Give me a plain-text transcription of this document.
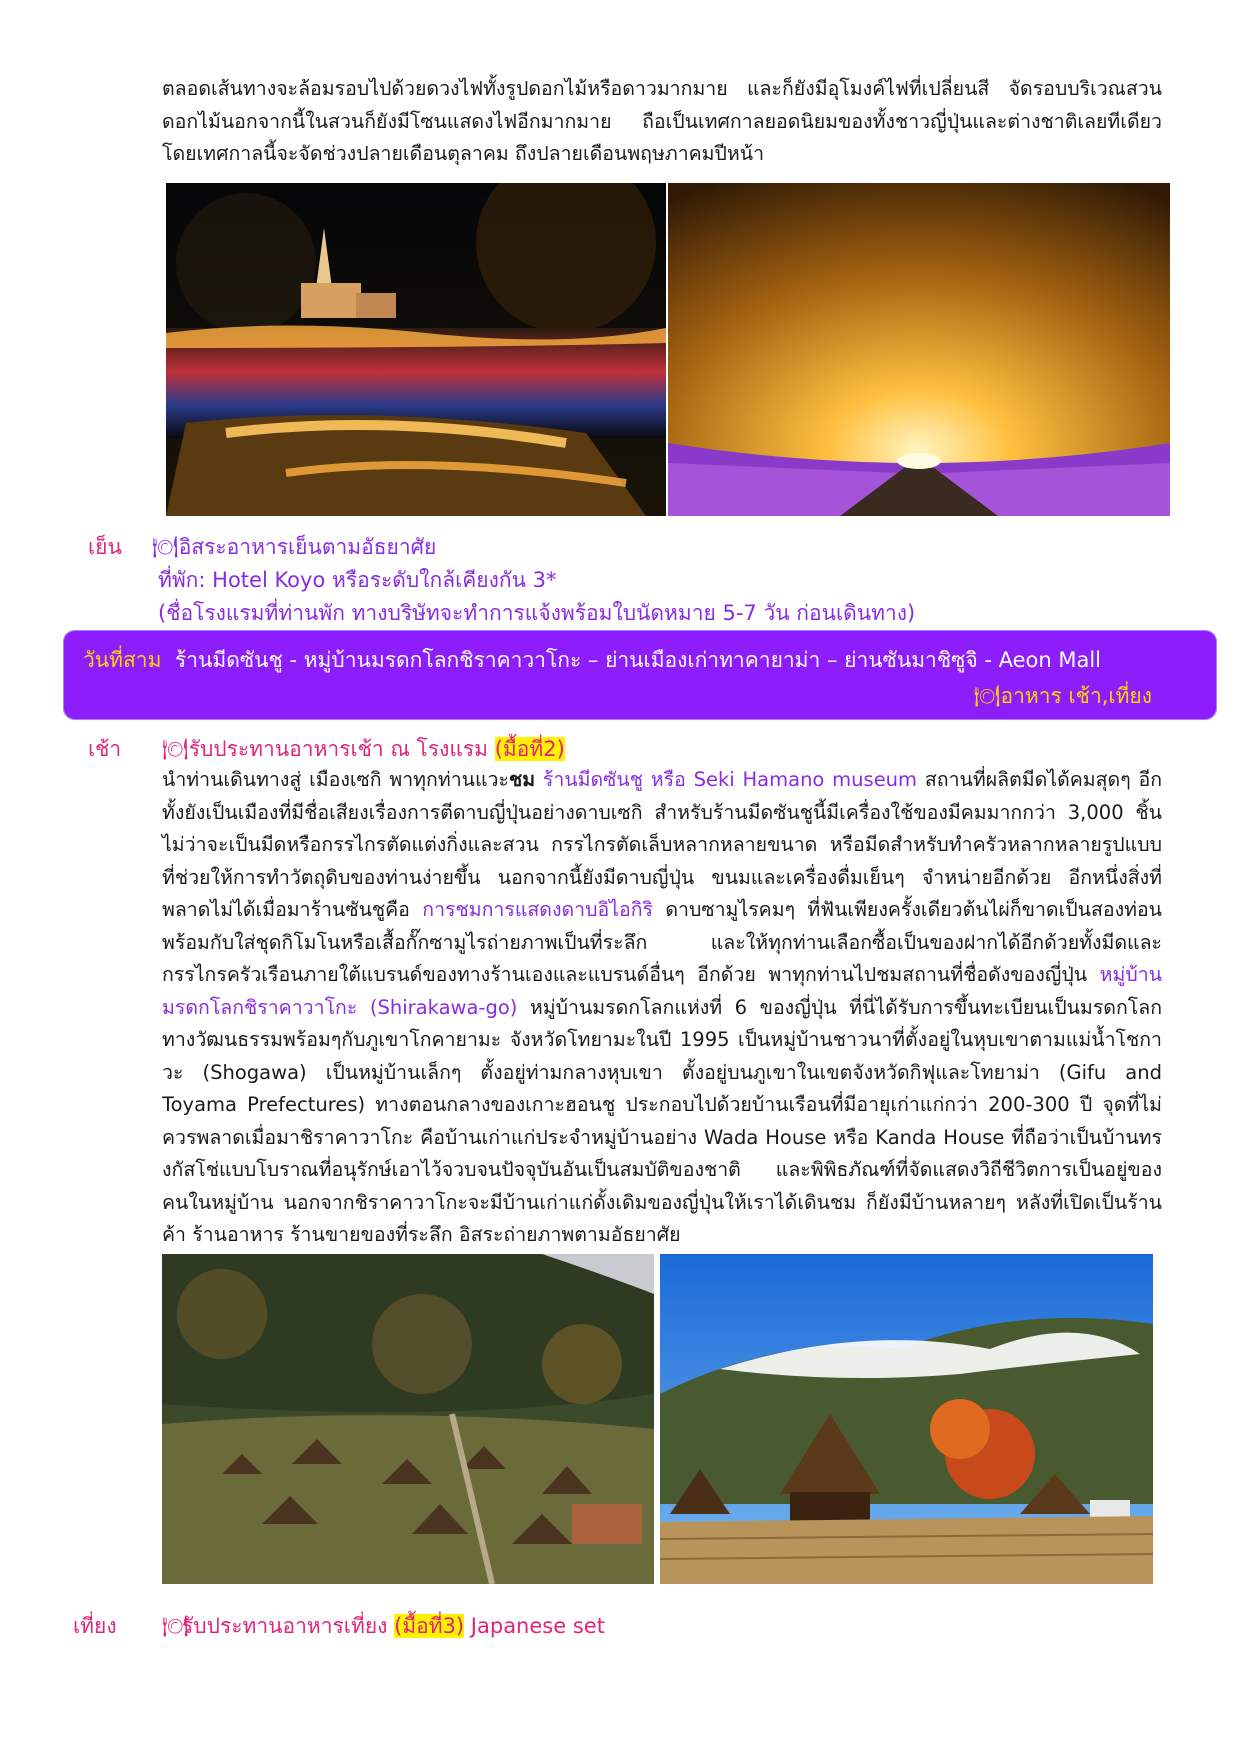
ตลอดเส้นทางจะล้อมรอบไปด้วยดวงไฟทั้งรูปดอกไม้หรือดาวมากมาย และก็ยังมีอุโมงค์ไฟที่เปลี่ยนสี จัดรอบบริเวณสวนดอกไม้นอกจากนี้ในสวนก็ยังมีโซนแสดงไฟอีกมากมาย ถือเป็นเทศกาลยอดนิยมของทั้งชาวญี่ปุ่นและต่างชาติเลยทีเดียว โดยเทศกาลนี้จะจัดช่วงปลายเดือนตุลาคม ถึงปลายเดือนพฤษภาคมปีหน้า

เย็น 🍽 อิสระอาหารเย็นตามอัธยาศัย
ที่พัก: Hotel Koyo หรือระดับใกล้เคียงกัน 3*
(ชื่อโรงแรมที่ท่านพัก ทางบริษัทจะทำการแจ้งพร้อมใบนัดหมาย 5-7 วัน ก่อนเดินทาง)
วันที่สาม ร้านมีดซันชู - หมู่บ้านมรดกโลกชิราคาวาโกะ – ย่านเมืองเก่าทาคายาม่า – ย่านซันมาชิซูจิ - Aeon Mall
🍽 อาหาร เช้า,เที่ยง
เช้า 🍽 รับประทานอาหารเช้า ณ โรงแรม (มื้อที่2)

นำท่านเดินทางสู่ เมืองเซกิ พาทุกท่านแวะชม ร้านมีดซันชู หรือ Seki Hamano museum สถานที่ผลิตมีดได้คมสุดๆ อีกทั้งยังเป็นเมืองที่มีชื่อเสียงเรื่องการตีดาบญี่ปุ่นอย่างดาบเซกิ สำหรับร้านมีดซันชูนี้มีเครื่องใช้ของมีคมมากกว่า 3,000 ชิ้น ไม่ว่าจะเป็นมีดหรือกรรไกรตัดแต่งกิ่งและสวน กรรไกรตัดเล็บหลากหลายขนาด หรือมีดสำหรับทำครัวหลากหลายรูปแบบที่ช่วยให้การทำวัตถุดิบของท่านง่ายขึ้น นอกจากนี้ยังมีดาบญี่ปุ่น ขนมและเครื่องดื่มเย็นๆ จำหน่ายอีกด้วย อีกหนึ่งสิ่งที่พลาดไม่ได้เมื่อมาร้านซันชูคือ การชมการแสดงดาบอิไอกิริ ดาบซามูไรคมๆ ที่ฟันเพียงครั้งเดียวต้นไผ่ก็ขาดเป็นสองท่อน พร้อมกับใส่ชุดกิโมโนหรือเสื้อกั๊กซามูไรถ่ายภาพเป็นที่ระลึก และให้ทุกท่านเลือกซื้อเป็นของฝากได้อีกด้วยทั้งมีดและกรรไกรครัวเรือนภายใต้แบรนด์ของทางร้านเองและแบรนด์อื่นๆ อีกด้วย พาทุกท่านไปชมสถานที่ชื่อดังของญี่ปุ่น หมู่บ้านมรดกโลกชิราคาวาโกะ (Shirakawa-go) หมู่บ้านมรดกโลกแห่งที่ 6 ของญี่ปุ่น ที่นี่ได้รับการขึ้นทะเบียนเป็นมรดกโลกทางวัฒนธรรมพร้อมๆกับภูเขาโกคายามะ จังหวัดโทยามะในปี 1995 เป็นหมู่บ้านชาวนาที่ตั้งอยู่ในหุบเขาตามแม่น้ำโชกาวะ (Shogawa) เป็นหมู่บ้านเล็กๆ ตั้งอยู่ท่ามกลางหุบเขา ตั้งอยู่บนภูเขาในเขตจังหวัดกิฟุและโทยาม่า (Gifu and Toyama Prefectures) ทางตอนกลางของเกาะฮอนชู ประกอบไปด้วยบ้านเรือนที่มีอายุเก่าแก่กว่า 200-300 ปี จุดที่ไม่ควรพลาดเมื่อมาชิราคาวาโกะ คือบ้านเก่าแก่ประจำหมู่บ้านอย่าง Wada House หรือ Kanda House ที่ถือว่าเป็นบ้านทรงกัสโช่แบบโบราณที่อนุรักษ์เอาไว้จวบจนปัจจุบันอันเป็นสมบัติของชาติ และพิพิธภัณฑ์ที่จัดแสดงวิถีชีวิตการเป็นอยู่ของคนในหมู่บ้าน นอกจากชิราคาวาโกะจะมีบ้านเก่าแก่ดั้งเดิมของญี่ปุ่นให้เราได้เดินชม ก็ยังมีบ้านหลายๆ หลังที่เปิดเป็นร้านค้า ร้านอาหาร ร้านขายของที่ระลึก อิสระถ่ายภาพตามอัธยาศัย

เที่ยง 🍽รับประทานอาหารเที่ยง (มื้อที่3) Japanese set
